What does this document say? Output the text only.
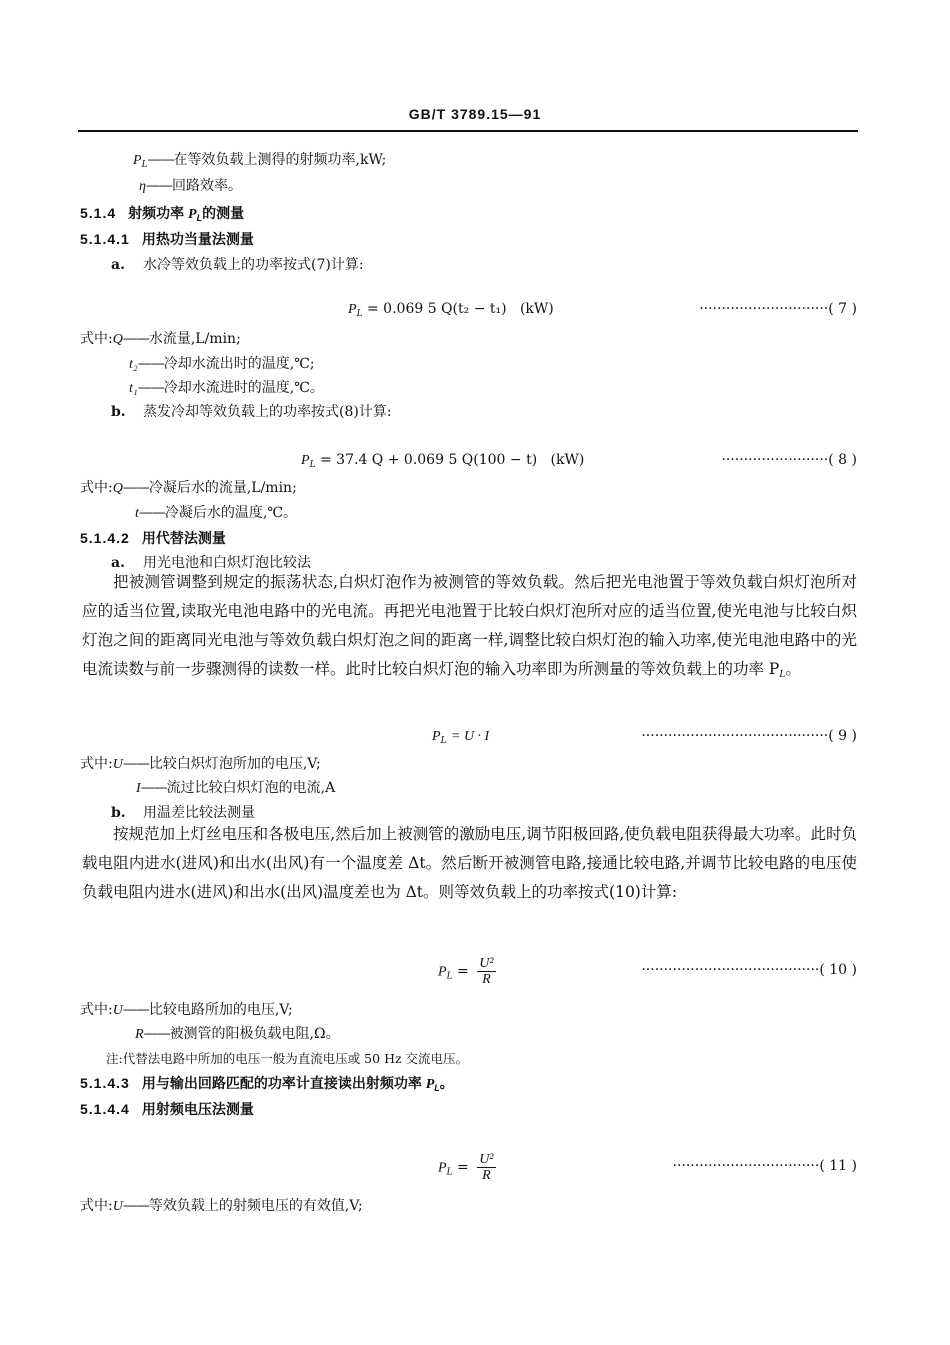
GB/T 3789.15—91
$P_L——$在等效负载上测得的射频功率,kW;
η——回路效率。
5.1.4 射频功率 $P_L$的测量
5.1.4.1 用热功当量法测量
a. 水冷等效负载上的功率按式(7)计算:
$P_L = 0.069$ 5 Q(t₂ − t₁) (kW)	·····························( 7 )
式中:Q——水流量,L/min;
t₂——冷却水流出时的温度,℃;
t₁——冷却水流进时的温度,℃。
b. 蒸发冷却等效负载上的功率按式(8)计算:
$P_L = 37.4$ Q + 0.069 5 Q(100 − t) (kW)	························( 8 )
式中:Q——冷凝后水的流量,L/min;
t——冷凝后水的温度,℃。
5.1.4.2 用代替法测量
a. 用光电池和白炽灯泡比较法
把被测管调整到规定的振荡状态,白炽灯泡作为被测管的等效负载。然后把光电池置于等效负载白炽灯泡所对应的适当位置,读取光电池电路中的光电流。再把光电池置于比较白炽灯泡所对应的适当位置,使光电池与比较白炽灯泡之间的距离同光电池与等效负载白炽灯泡之间的距离一样,调整比较白炽灯泡的输入功率,使光电池电路中的光电流读数与前一步骤测得的读数一样。此时比较白炽灯泡的输入功率即为所测量的等效负载上的功率 $P_L$。
$P_L = U \cdot I$	··········································( 9 )
式中:U——比较白炽灯泡所加的电压,V;
I——流过比较白炽灯泡的电流,A
b. 用温差比较法测量
按规范加上灯丝电压和各极电压,然后加上被测管的激励电压,调节阳极回路,使负载电阻获得最大功率。此时负载电阻内进水(进风)和出水(出风)有一个温度差 Δt。然后断开被测管电路,接通比较电路,并调节比较电路的电压使负载电阻内进水(进风)和出水(出风)温度差也为 Δt。则等效负载上的功率按式(10)计算:
$P_L = \frac{\text{U²}}{R}$	········································( 10 )
式中:U——比较电路所加的电压,V;
R——被测管的阳极负载电阻,Ω。
注:代替法电路中所加的电压一般为直流电压或 50 Hz 交流电压。
5.1.4.3 用与输出回路匹配的功率计直接读出射频功率 $P_L$。
5.1.4.4 用射频电压法测量
$P_L = \frac{\text{U²}}{R}$	·································( 11 )
式中:U——等效负载上的射频电压的有效值,V;
